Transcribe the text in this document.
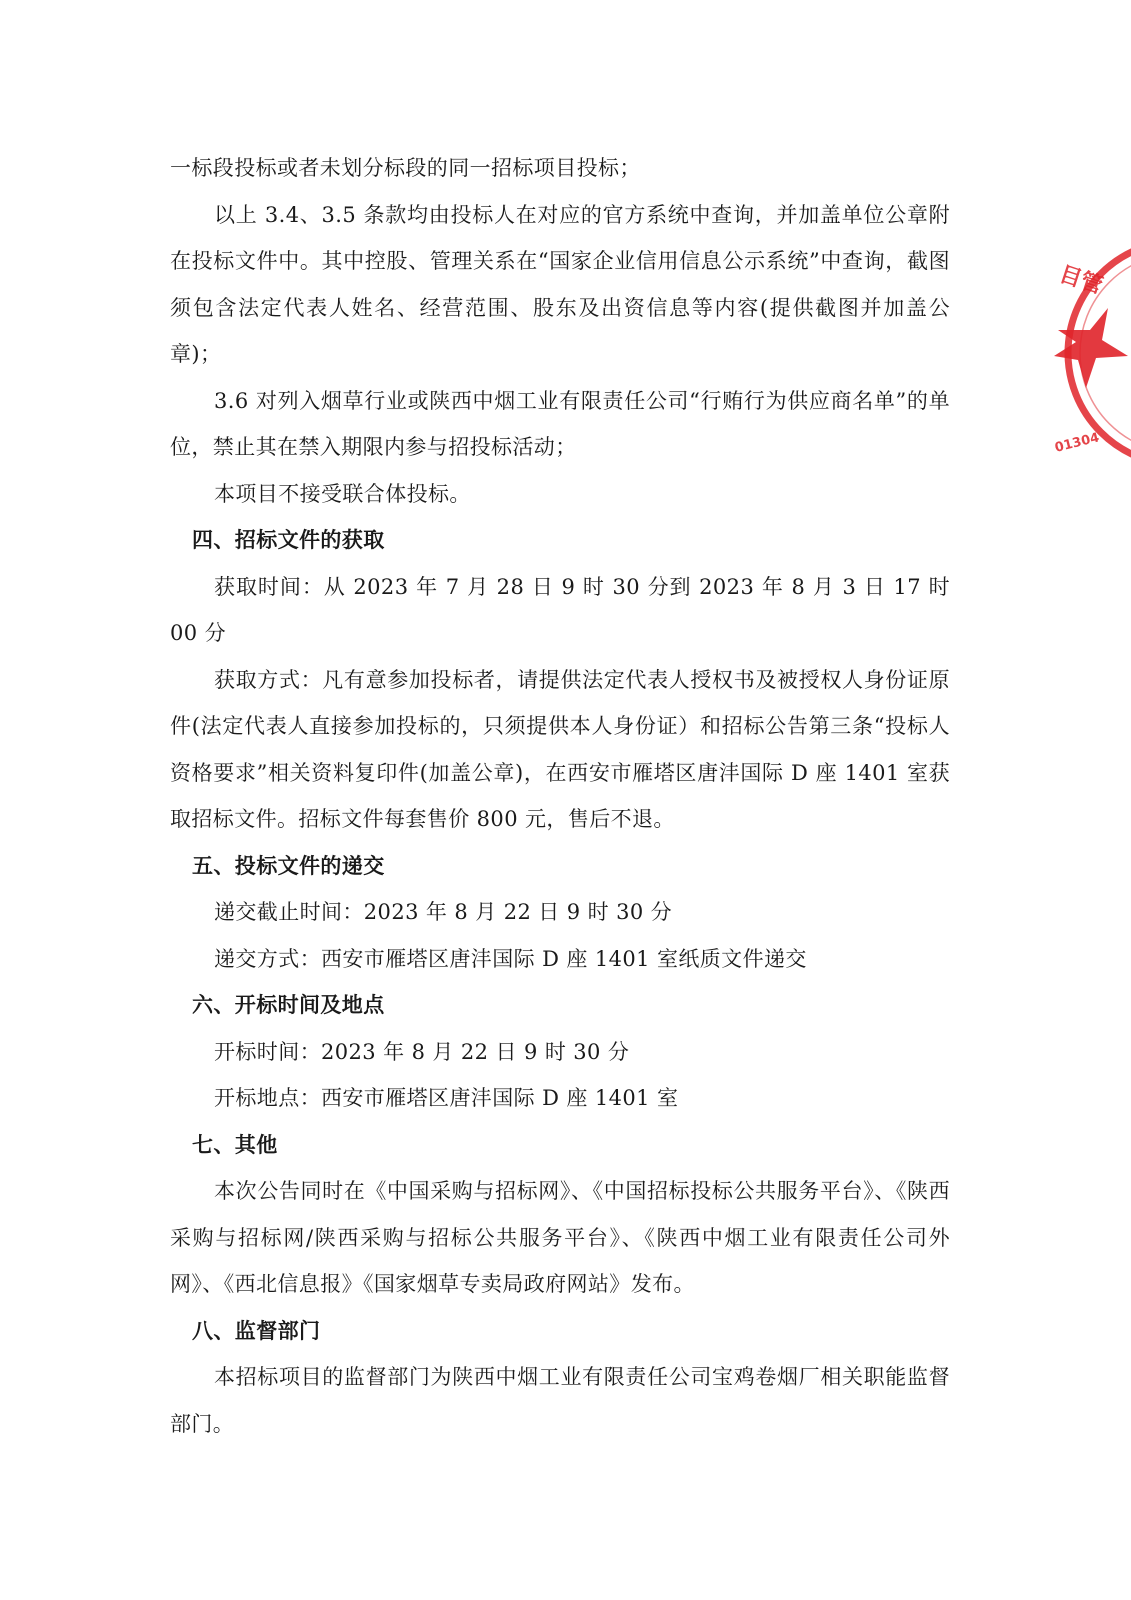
一标段投标或者未划分标段的同一招标项目投标；

以上 3.4、3.5 条款均由投标人在对应的官方系统中查询，并加盖单位公章附在投标文件中。其中控股、管理关系在“国家企业信用信息公示系统”中查询，截图须包含法定代表人姓名、经营范围、股东及出资信息等内容(提供截图并加盖公章)；

3.6 对列入烟草行业或陕西中烟工业有限责任公司“行贿行为供应商名单”的单位，禁止其在禁入期限内参与招投标活动；

本项目不接受联合体投标。

四、招标文件的获取

获取时间：从 2023 年 7 月 28 日 9 时 30 分到 2023 年 8 月 3 日 17 时 00 分

获取方式：凡有意参加投标者，请提供法定代表人授权书及被授权人身份证原件(法定代表人直接参加投标的，只须提供本人身份证）和招标公告第三条“投标人资格要求”相关资料复印件(加盖公章)，在西安市雁塔区唐沣国际 D 座 1401 室获取招标文件。招标文件每套售价 800 元，售后不退。

五、投标文件的递交

递交截止时间：2023 年 8 月 22 日 9 时 30 分

递交方式：西安市雁塔区唐沣国际 D 座 1401 室纸质文件递交

六、开标时间及地点

开标时间：2023 年 8 月 22 日 9 时 30 分

开标地点：西安市雁塔区唐沣国际 D 座 1401 室

七、其他

本次公告同时在《中国采购与招标网》、《中国招标投标公共服务平台》、《陕西采购与招标网/陕西采购与招标公共服务平台》、《陕西中烟工业有限责任公司外网》、《西北信息报》《国家烟草专卖局政府网站》发布。

八、监督部门

本招标项目的监督部门为陕西中烟工业有限责任公司宝鸡卷烟厂相关职能监督部门。

目管
01304
